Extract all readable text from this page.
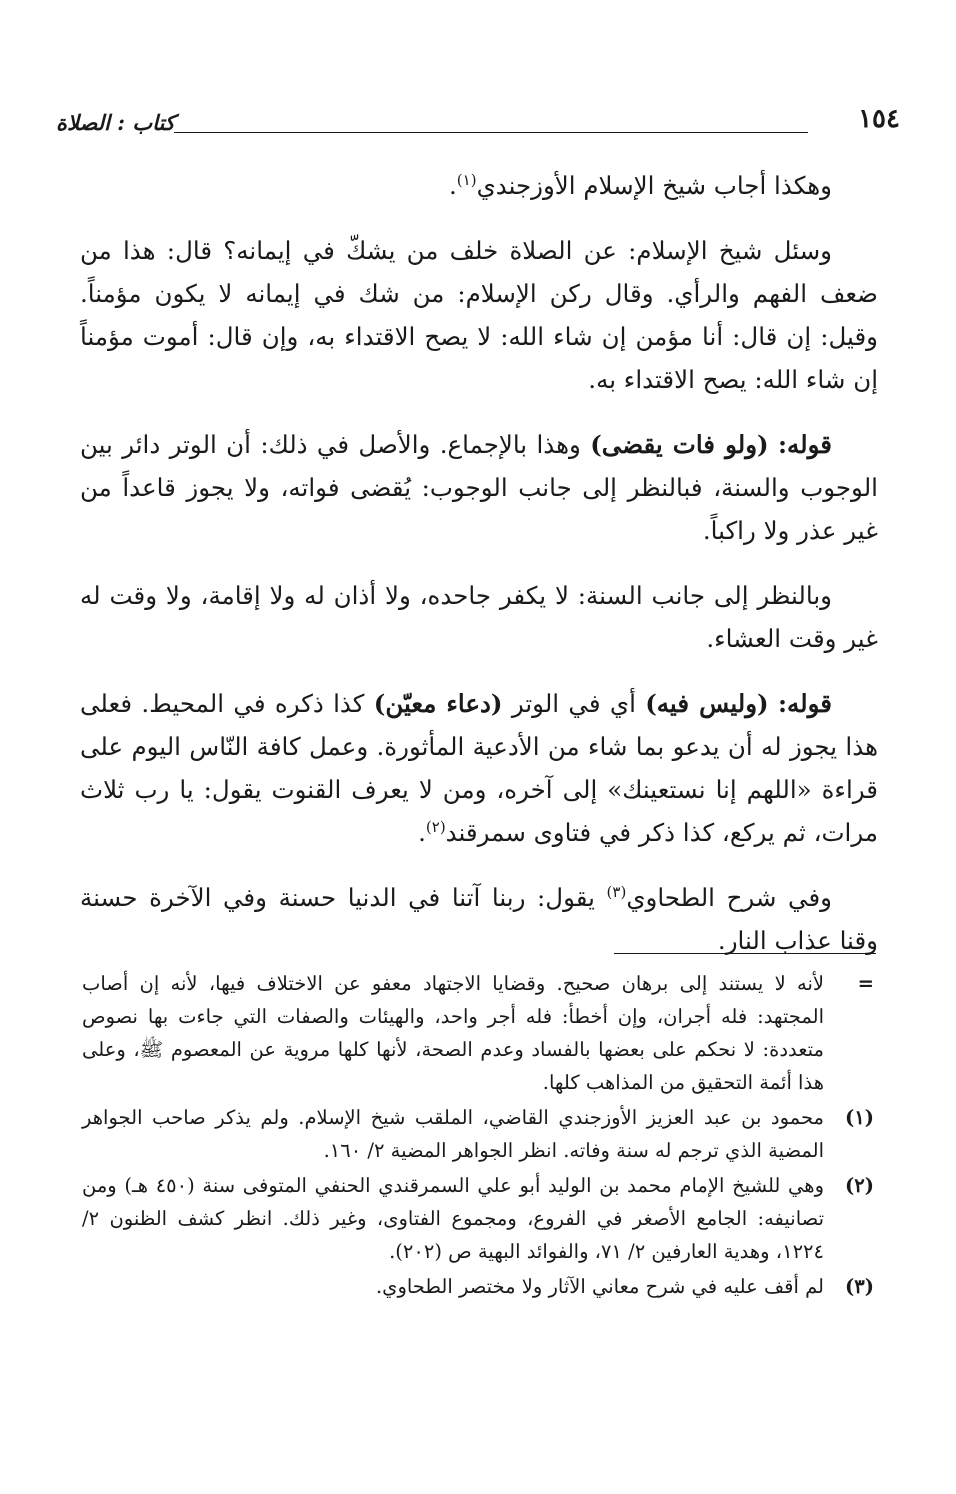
١٥٤
كتاب : الصلاة

وهكذا أجاب شيخ الإسلام الأوزجندي$^{(١)}$.

وسئل شيخ الإسلام: عن الصلاة خلف من يشكّ في إيمانه؟ قال: هذا من ضعف الفهم والرأي. وقال ركن الإسلام: من شك في إيمانه لا يكون مؤمناً. وقيل: إن قال: أنا مؤمن إن شاء الله: لا يصح الاقتداء به، وإن قال: أموت مؤمناً إن شاء الله: يصح الاقتداء به.

قوله: (ولو فات يقضى) وهذا بالإجماع. والأصل في ذلك: أن الوتر دائر بين الوجوب والسنة، فبالنظر إلى جانب الوجوب: يُقضى فواته، ولا يجوز قاعداً من غير عذر ولا راكباً.

وبالنظر إلى جانب السنة: لا يكفر جاحده، ولا أذان له ولا إقامة، ولا وقت له غير وقت العشاء.

قوله: (وليس فيه) أي في الوتر (دعاء معيّن) كذا ذكره في المحيط. فعلى هذا يجوز له أن يدعو بما شاء من الأدعية المأثورة. وعمل كافة النّاس اليوم على قراءة «اللهم إنا نستعينك» إلى آخره، ومن لا يعرف القنوت يقول: يا رب ثلاث مرات، ثم يركع، كذا ذكر في فتاوى سمرقند$^{(٢)}$.

وفي شرح الطحاوي$^{(٣)}$ يقول: ربنا آتنا في الدنيا حسنة وفي الآخرة حسنة وقنا عذاب النار.

=
لأنه لا يستند إلى برهان صحيح. وقضايا الاجتهاد معفو عن الاختلاف فيها، لأنه إن أصاب المجتهد: فله أجران، وإن أخطأ: فله أجر واحد، والهيئات والصفات التي جاءت بها نصوص متعددة: لا نحكم على بعضها بالفساد وعدم الصحة، لأنها كلها مروية عن المعصوم ﷺ، وعلى هذا أئمة التحقيق من المذاهب كلها.
(١)
محمود بن عبد العزيز الأوزجندي القاضي، الملقب شيخ الإسلام. ولم يذكر صاحب الجواهر المضية الذي ترجم له سنة وفاته. انظر الجواهر المضية ٢/ ١٦٠.
(٢)
وهي للشيخ الإمام محمد بن الوليد أبو علي السمرقندي الحنفي المتوفى سنة (٤٥٠ هـ) ومن تصانيفه: الجامع الأصغر في الفروع، ومجموع الفتاوى، وغير ذلك. انظر كشف الظنون ٢/ ١٢٢٤، وهدية العارفين ٢/ ٧١، والفوائد البهية ص (٢٠٢).
(٣)
لم أقف عليه في شرح معاني الآثار ولا مختصر الطحاوي.
